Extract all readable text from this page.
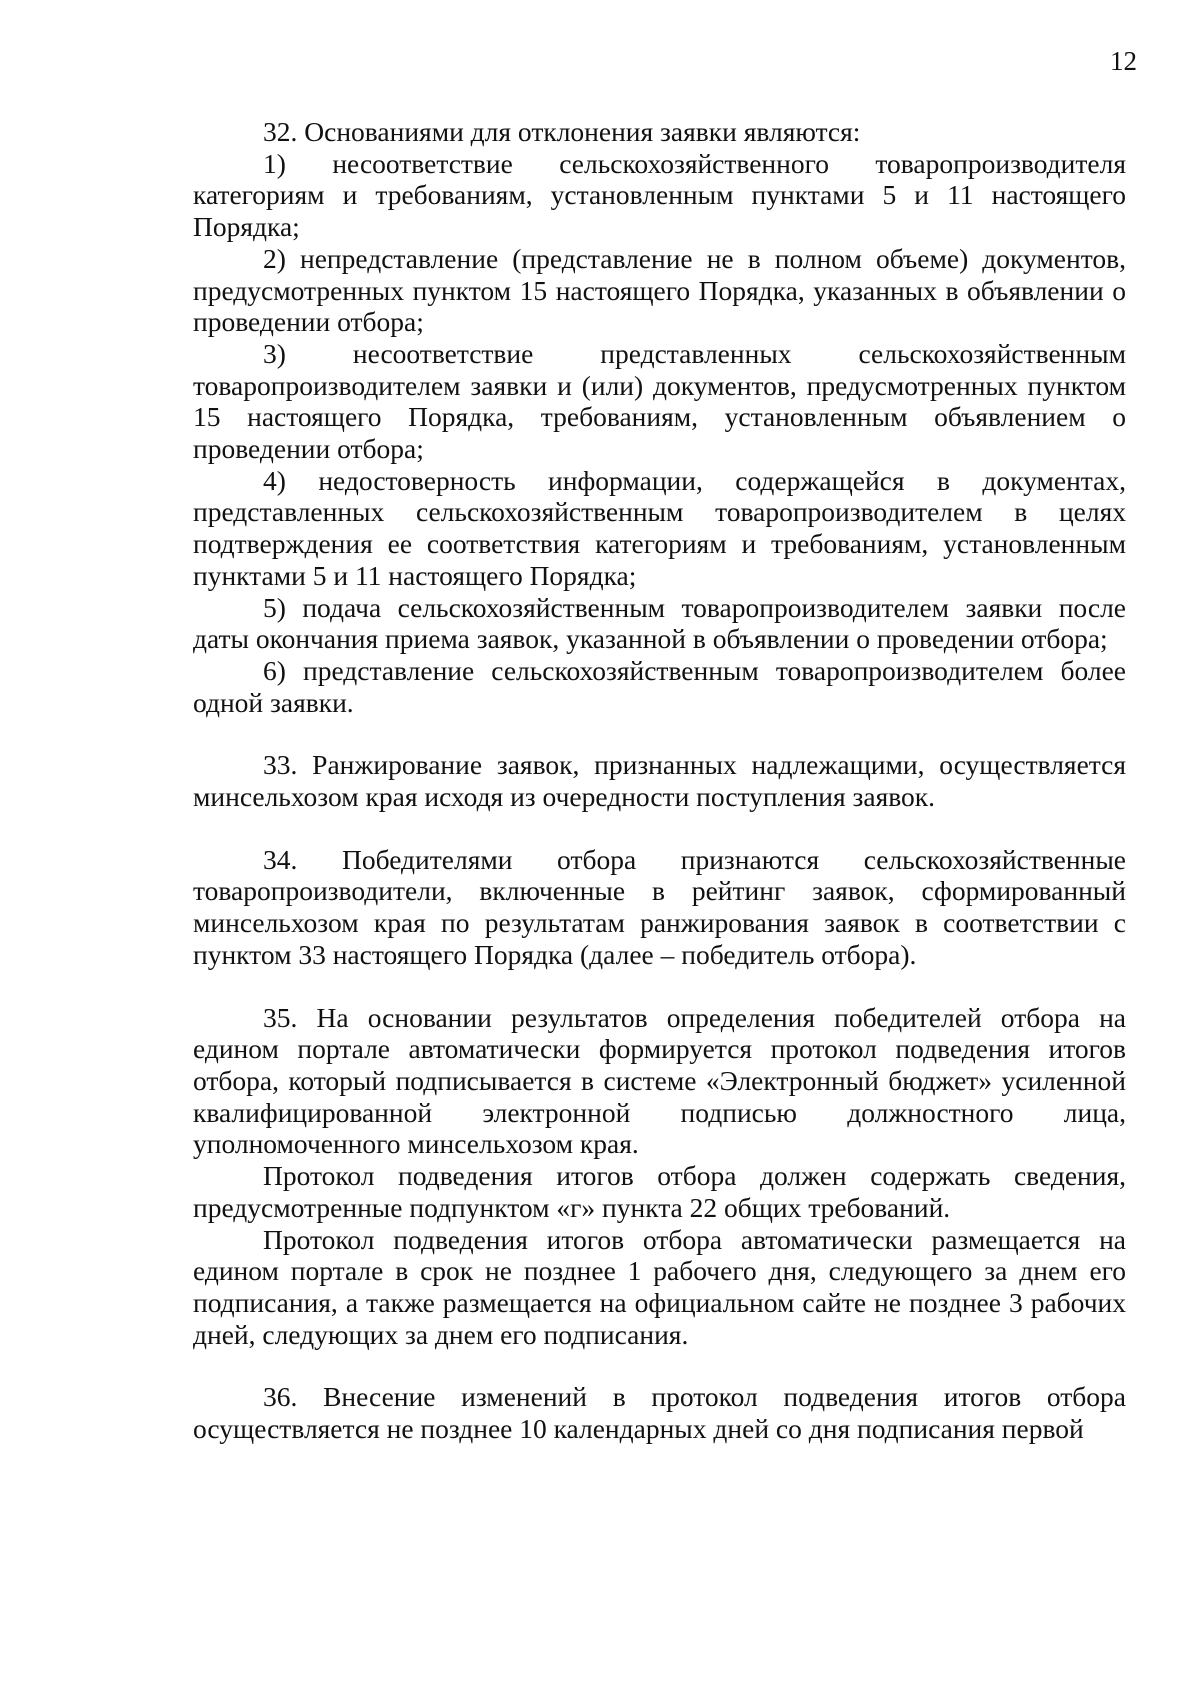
12

32. Основаниями для отклонения заявки являются:

1) несоответствие сельскохозяйственного товаропроизводителя категориям и требованиям, установленным пунктами 5 и 11 настоящего Порядка;

2) непредставление (представление не в полном объеме) документов, предусмотренных пунктом 15 настоящего Порядка, указанных в объявлении о проведении отбора;

3) несоответствие представленных сельскохозяйственным товаропроизводителем заявки и (или) документов, предусмотренных пунктом 15 настоящего Порядка, требованиям, установленным объявлением о проведении отбора;

4) недостоверность информации, содержащейся в документах, представленных сельскохозяйственным товаропроизводителем в целях подтверждения ее соответствия категориям и требованиям, установленным пунктами 5 и 11 настоящего Порядка;

5) подача сельскохозяйственным товаропроизводителем заявки после даты окончания приема заявок, указанной в объявлении о проведении отбора;

6) представление сельскохозяйственным товаропроизводителем более одной заявки.

33. Ранжирование заявок, признанных надлежащими, осуществляется минсельхозом края исходя из очередности поступления заявок.

34. Победителями отбора признаются сельскохозяйственные товаропроизводители, включенные в рейтинг заявок, сформированный минсельхозом края по результатам ранжирования заявок в соответствии с пунктом 33 настоящего Порядка (далее – победитель отбора).

35. На основании результатов определения победителей отбора на едином портале автоматически формируется протокол подведения итогов отбора, который подписывается в системе «Электронный бюджет» усиленной квалифицированной электронной подписью должностного лица, уполномоченного минсельхозом края.

Протокол подведения итогов отбора должен содержать сведения, предусмотренные подпунктом «г» пункта 22 общих требований.

Протокол подведения итогов отбора автоматически размещается на едином портале в срок не позднее 1 рабочего дня, следующего за днем его подписания, а также размещается на официальном сайте не позднее 3 рабочих дней, следующих за днем его подписания.

36. Внесение изменений в протокол подведения итогов отбора осуществляется не позднее 10 календарных дней со дня подписания первой
